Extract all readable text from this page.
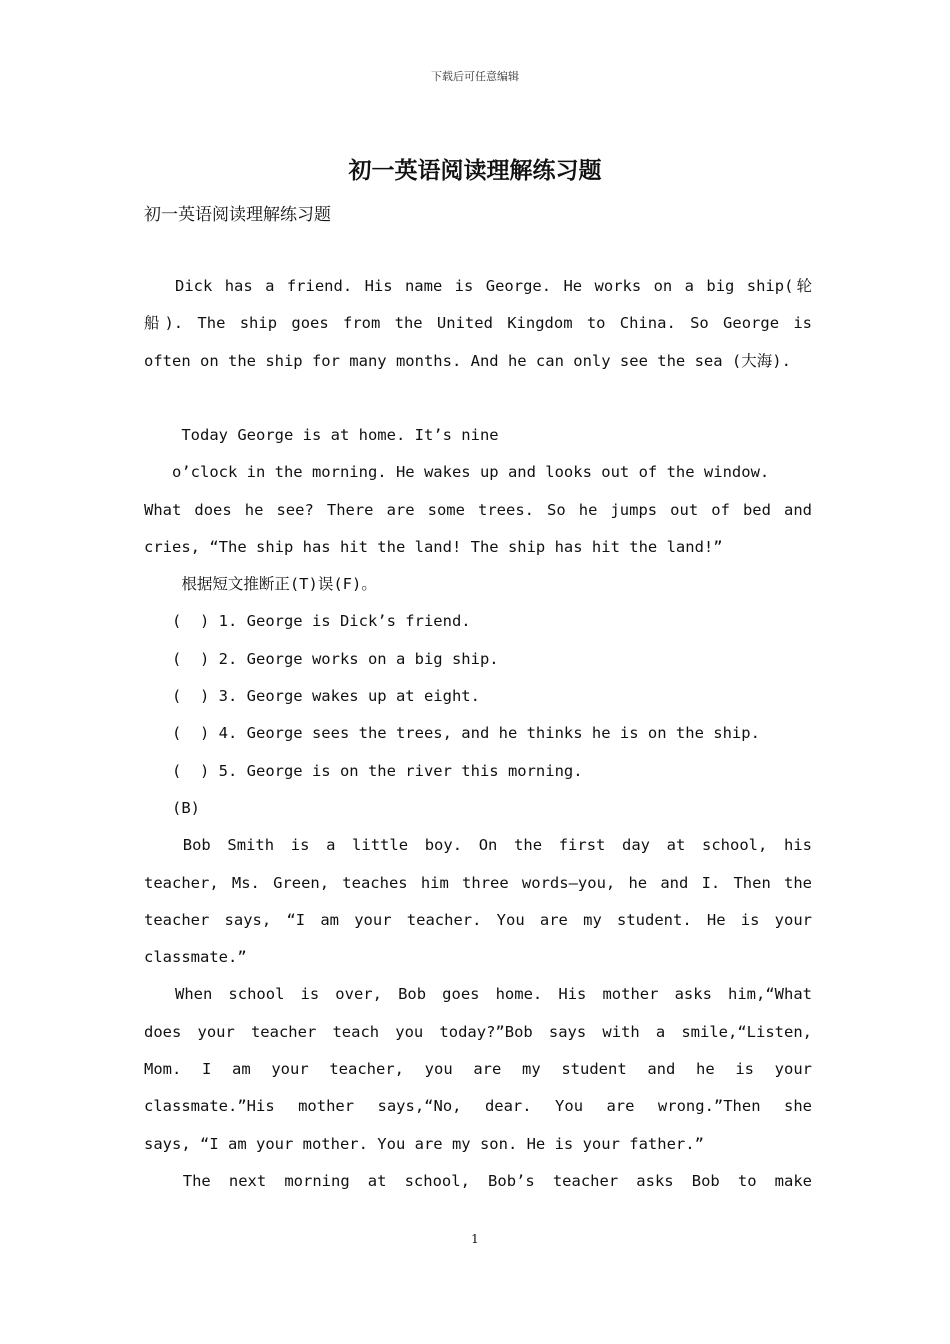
下载后可任意编辑
初一英语阅读理解练习题
初一英语阅读理解练习题
Dick has a friend. His name is George. He works on a big ship(轮
船). The ship goes from the United Kingdom to China. So George is
often on the ship for many months. And he can only see the sea (大海).
Today George is at home. It’s nine
o’clock in the morning. He wakes up and looks out of the window.
What does he see? There are some trees. So he jumps out of bed and
cries, “The ship has hit the land! The ship has hit the land!”
根据短文推断正(T)误(F)。
(  ) 1. George is Dick’s friend.
(  ) 2. George works on a big ship.
(  ) 3. George wakes up at eight.
(  ) 4. George sees the trees, and he thinks he is on the ship.
(  ) 5. George is on the river this morning.
(B)
Bob Smith is a little boy. On the first day at school, his
teacher, Ms. Green, teaches him three words—you, he and I. Then the
teacher says, “I am your teacher. You are my student. He is your
classmate.”
When school is over, Bob goes home. His mother asks him,“What
does your teacher teach you today?”Bob says with a smile,“Listen,
Mom. I am your teacher, you are my student and he is your
classmate.”His mother says,“No, dear. You are wrong.”Then she
says, “I am your mother. You are my son. He is your father.”
The next morning at school, Bob’s teacher asks Bob to make
1
